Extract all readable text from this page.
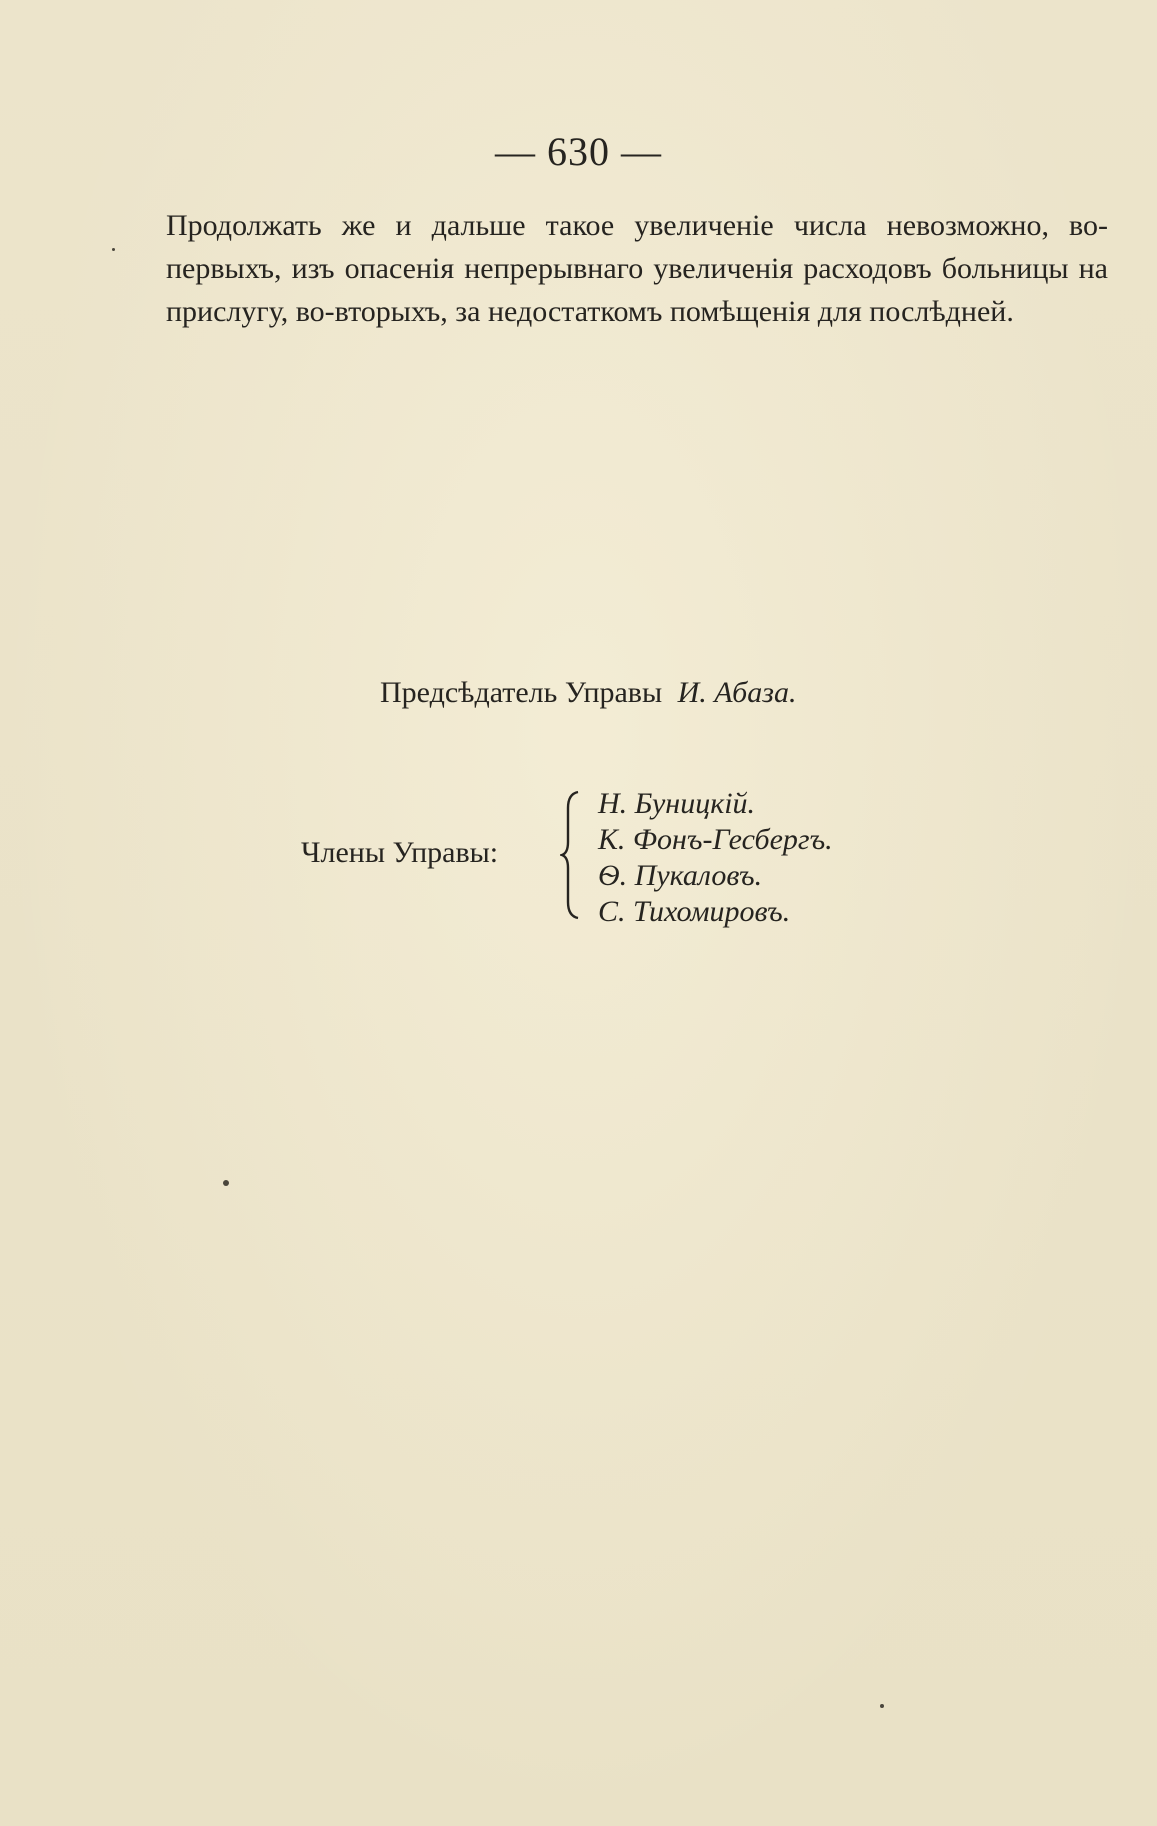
— 630 —

Продолжать же и дальше такое увеличеніе числа невозможно, во-первыхъ, изъ опасенія непрерывнаго увеличенія расходовъ больницы на прислугу, во-вторыхъ, за недостаткомъ помѣщенія для послѣдней.

Предсѣдатель Управы И. Абаза.
Члены Управы:
Н. Буницкій.
К. Фонъ-Гесбергъ.
Ѳ. Пукаловъ.
С. Тихомировъ.
